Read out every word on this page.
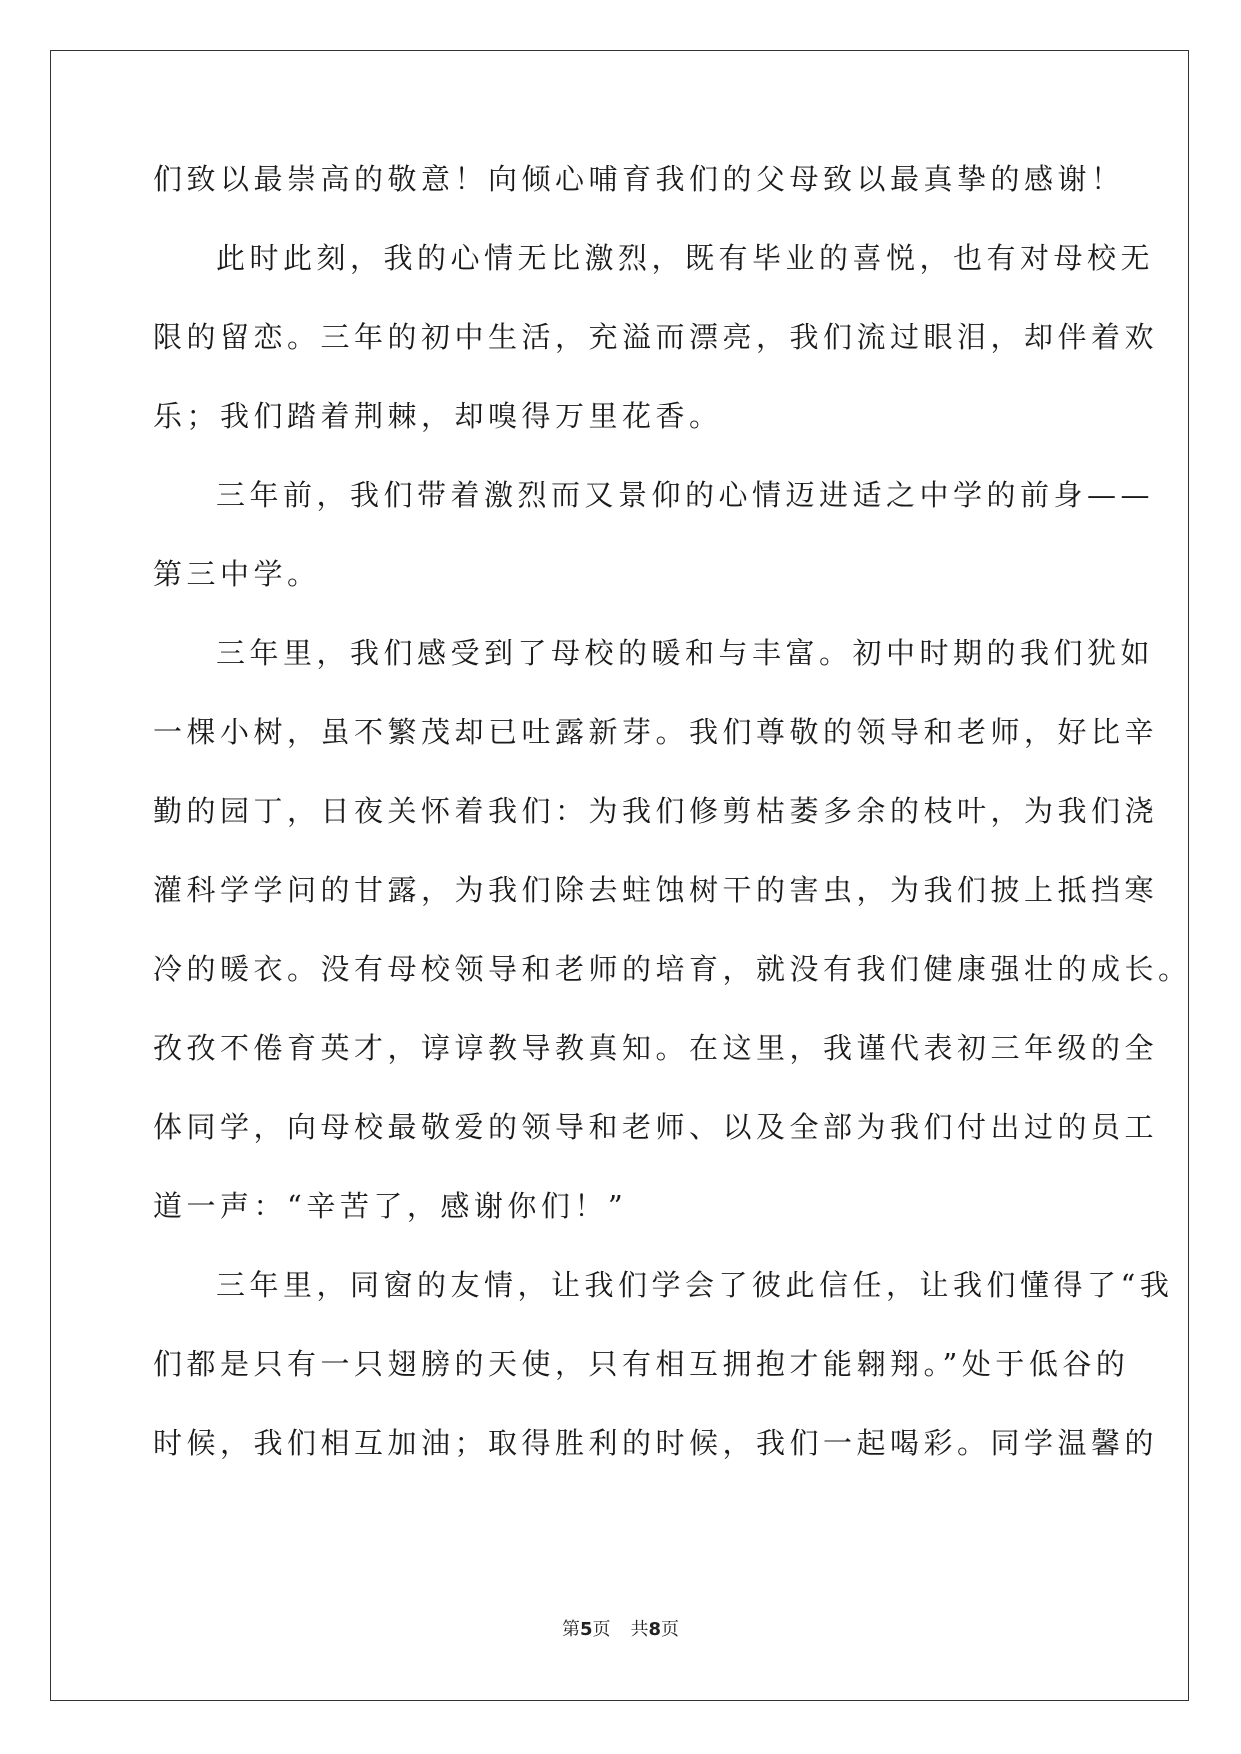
们致以最崇高的敬意！向倾心哺育我们的父母致以最真挚的感谢！
此时此刻，我的心情无比激烈，既有毕业的喜悦，也有对母校无
限的留恋。三年的初中生活，充溢而漂亮，我们流过眼泪，却伴着欢
乐；我们踏着荆棘，却嗅得万里花香。
三年前，我们带着激烈而又景仰的心情迈进适之中学的前身——
第三中学。
三年里，我们感受到了母校的暖和与丰富。初中时期的我们犹如
一棵小树，虽不繁茂却已吐露新芽。我们尊敬的领导和老师，好比辛
勤的园丁，日夜关怀着我们：为我们修剪枯萎多余的枝叶，为我们浇
灌科学学问的甘露，为我们除去蛀蚀树干的害虫，为我们披上抵挡寒
冷的暖衣。没有母校领导和老师的培育，就没有我们健康强壮的成长。
孜孜不倦育英才，谆谆教导教真知。在这里，我谨代表初三年级的全
体同学，向母校最敬爱的领导和老师、以及全部为我们付出过的员工
道一声：“辛苦了，感谢你们！”
三年里，同窗的友情，让我们学会了彼此信任，让我们懂得了“我
们都是只有一只翅膀的天使，只有相互拥抱才能翱翔。”处于低谷的
时候，我们相互加油；取得胜利的时候，我们一起喝彩。同学温馨的
第5页 共8页
